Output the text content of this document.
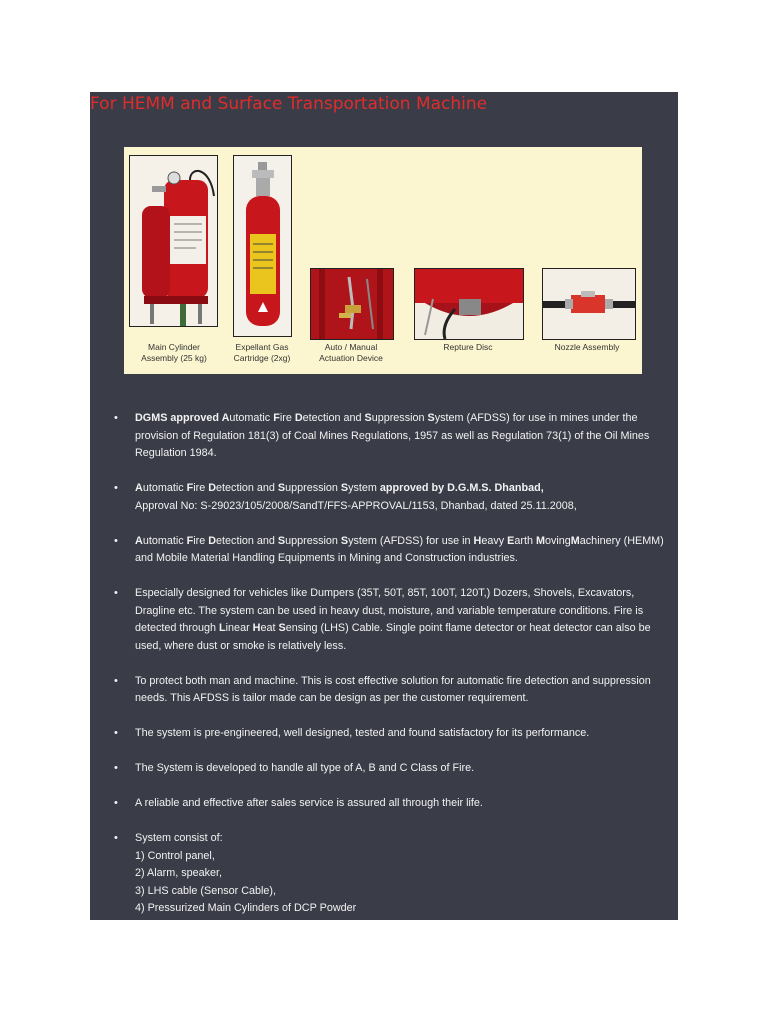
For HEMM and Surface Transportation Machine
Main Cylinder
Assembly (25 kg)
Expellant Gas
Cartridge (2xg)
Auto / Manual
Actuation Device
Repture Disc	Nozzle Assembly
• DGMS approved Automatic Fire Detection and Suppression System (AFDSS) for use in mines under the provision of Regulation 181(3) of Coal Mines Regulations, 1957 as well as Regulation 73(1) of the Oil Mines Regulation 1984.
• Automatic Fire Detection and Suppression System approved by D.G.M.S. Dhanbad,
Approval No: S-29023/105/2008/SandT/FFS-APPROVAL/1153, Dhanbad, dated 25.11.2008,
• Automatic Fire Detection and Suppression System (AFDSS) for use in Heavy Earth MovingMachinery (HEMM) and Mobile Material Handling Equipments in Mining and Construction industries.
• Especially designed for vehicles like Dumpers (35T, 50T, 85T, 100T, 120T,) Dozers, Shovels, Excavators, Dragline etc. The system can be used in heavy dust, moisture, and variable temperature conditions. Fire is detected through Linear Heat Sensing (LHS) Cable. Single point flame detector or heat detector can also be used, where dust or smoke is relatively less.
• To protect both man and machine. This is cost effective solution for automatic fire detection and suppression needs. This AFDSS is tailor made can be design as per the customer requirement.
• The system is pre-engineered, well designed, tested and found satisfactory for its performance.
• The System is developed to handle all type of A, B and C Class of Fire.
• A reliable and effective after sales service is assured all through their life.
• System consist of:
1) Control panel,
2) Alarm, speaker,
3) LHS cable (Sensor Cable),
4) Pressurized Main Cylinders of DCP Powder
